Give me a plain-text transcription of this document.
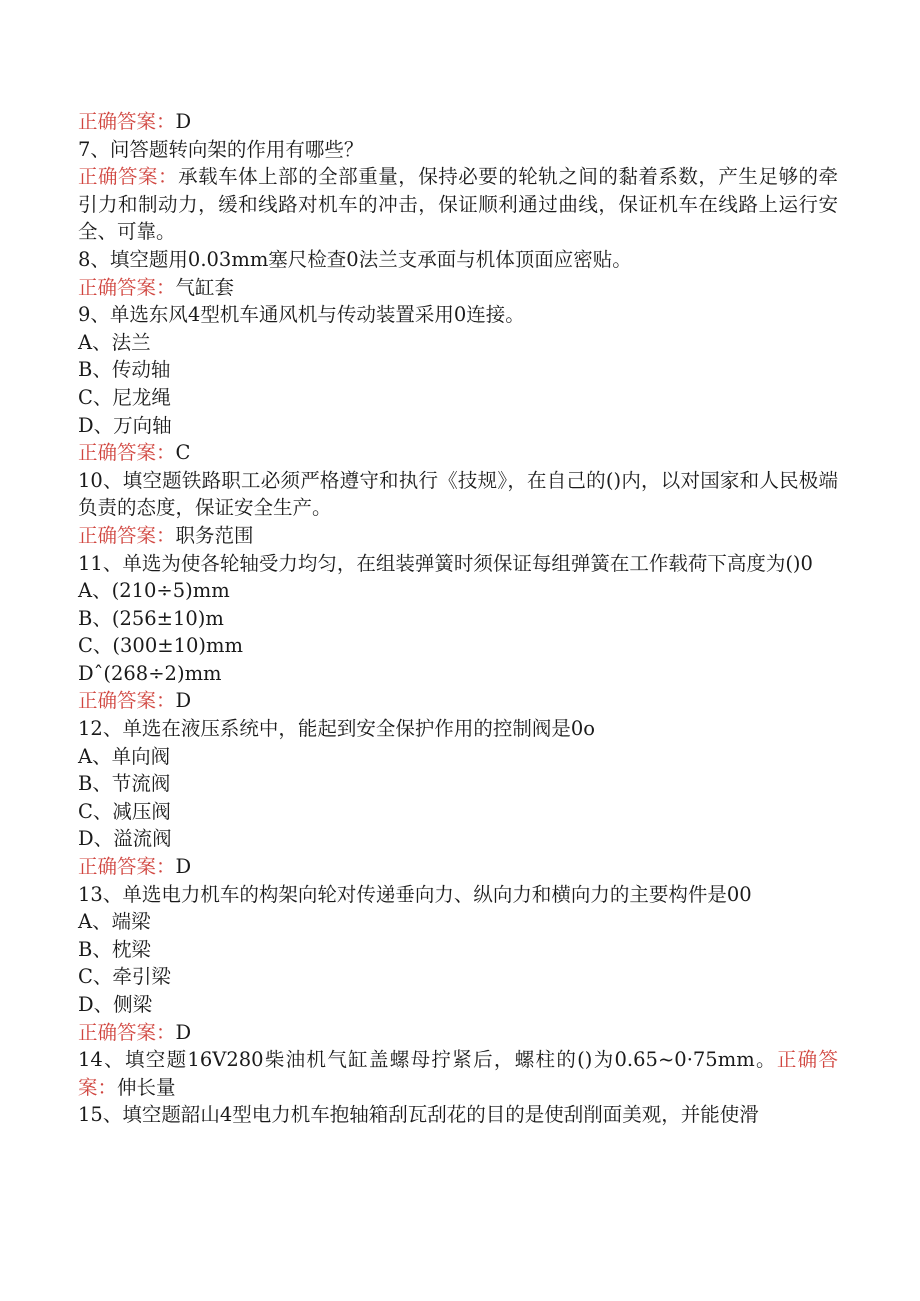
正确答案：D
7、问答题转向架的作用有哪些？
正确答案：承载车体上部的全部重量，保持必要的轮轨之间的黏着系数，产生足够的牵引力和制动力，缓和线路对机车的冲击，保证顺利通过曲线，保证机车在线路上运行安全、可靠。
8、填空题用0.03mm塞尺检查0法兰支承面与机体顶面应密贴。
正确答案：气缸套
9、单选东风4型机车通风机与传动装置采用0连接。
A、法兰
B、传动轴
C、尼龙绳
D、万向轴
正确答案：C
10、填空题铁路职工必须严格遵守和执行《技规》，在自己的()内，以对国家和人民极端负责的态度，保证安全生产。
正确答案：职务范围
11、单选为使各轮轴受力均匀，在组装弹簧时须保证每组弹簧在工作载荷下高度为()0
A、(210÷5)mm
B、(256±10)m
C、(300±10)mm
Dˆ(268÷2)mm
正确答案：D
12、单选在液压系统中，能起到安全保护作用的控制阀是0o
A、单向阀
B、节流阀
C、减压阀
D、溢流阀
正确答案：D
13、单选电力机车的构架向轮对传递垂向力、纵向力和横向力的主要构件是00
A、端梁
B、枕梁
C、牵引梁
D、侧梁
正确答案：D
14、填空题16V280柴油机气缸盖螺母拧紧后，螺柱的()为0.65~0·75mm。正确答案：伸长量
15、填空题韶山4型电力机车抱轴箱刮瓦刮花的目的是使刮削面美观，并能使滑
